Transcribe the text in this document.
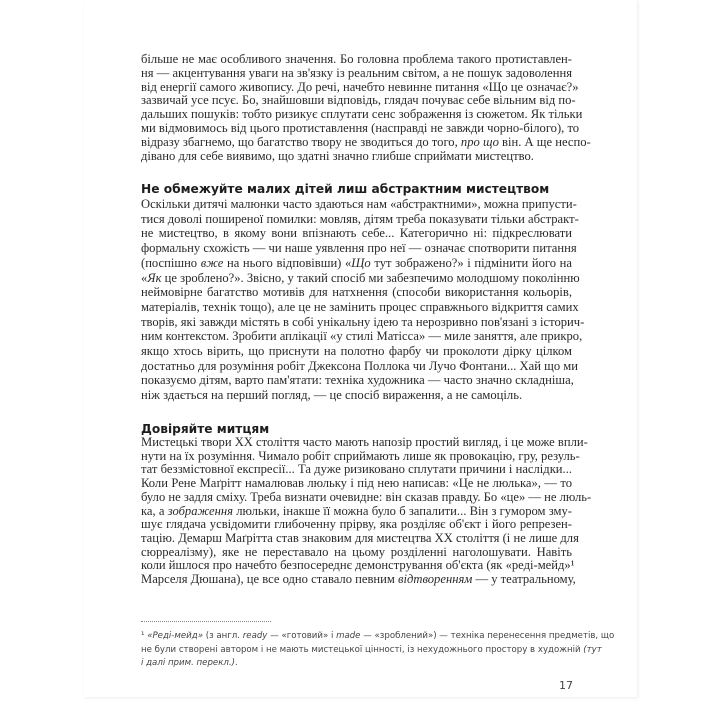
більше не має особливого значення. Бо головна проблема такого протиставлен-
ня — акцентування уваги на зв'язку із реальним світом, а не пошук задоволення
від енергії самого живопису. До речі, начебто невинне питання «Що це означає?»
зазвичай усе псує. Бо, знайшовши відповідь, глядач почуває себе вільним від по-
дальших пошуків: тобто ризикує сплутати сенс зображення із сюжетом. Як тільки
ми відмовимось від цього протиставлення (насправді не завжди чорно-білого), то
відразу збагнемо, що багатство твору не зводиться до того, про що він. А ще неспо-
дівано для себе виявимо, що здатні значно глибше сприймати мистецтво.
Не обмежуйте малих дітей лиш абстрактним мистецтвом
Оскільки дитячі малюнки часто здаються нам «абстрактними», можна припусти-
тися доволі поширеної помилки: мовляв, дітям треба показувати тільки абстракт-
не мистецтво, в якому вони впізнають себе... Категорично ні: підкреслювати
формальну схожість — чи наше уявлення про неї — означає спотворити питання
(поспішно вже на нього відповівши) «Що тут зображено?» і підмінити його на
«Як це зроблено?». Звісно, у такий спосіб ми забезпечимо молодшому поколінню
неймовірне багатство мотивів для натхнення (способи використання кольорів,
матеріалів, технік тощо), але це не замінить процес справжнього відкриття самих
творів, які завжди містять в собі унікальну ідею та нерозривно пов'язані з історич-
ним контекстом. Зробити аплікації «у стилі Матісса» — миле заняття, але прикро,
якщо хтось вірить, що приснути на полотно фарбу чи проколоти дірку цілком
достатньо для розуміння робіт Джексона Поллока чи Лучо Фонтани... Хай що ми
показуємо дітям, варто пам'ятати: техніка художника — часто значно складніша,
ніж здається на перший погляд, — це спосіб вираження, а не самоціль.
Довіряйте митцям
Мистецькі твори XX століття часто мають напозір простий вигляд, і це може впли-
нути на їх розуміння. Чимало робіт сприймають лише як провокацію, гру, резуль-
тат беззмістовної експресії... Та дуже ризиковано сплутати причини і наслідки...
Коли Рене Маґрітт намалював люльку і під нею написав: «Це не люлька», — то
було не задля сміху. Треба визнати очевидне: він сказав правду. Бо «це» — не люль-
ка, а зображення люльки, інакше її можна було б запалити... Він з гумором зму-
шує глядача усвідомити глибоченну прірву, яка розділяє об'єкт і його репрезен-
тацію. Демарш Маґрітта став знаковим для мистецтва XX століття (і не лише для
сюрреалізму), яке не переставало на цьому розділенні наголошувати. Навіть
коли йшлося про начебто безпосереднє демонстрування об'єкта (як «реді-мейд»¹
Марселя Дюшана), це все одно ставало певним відтворенням — у театральному,
¹ «Реді-мейд» (з англ. ready — «готовий» і made — «зроблений») — техніка перенесення предметів, що
не були створені автором і не мають мистецької цінності, із нехудожнього простору в художній (тут
і далі прим. перекл.).
17
